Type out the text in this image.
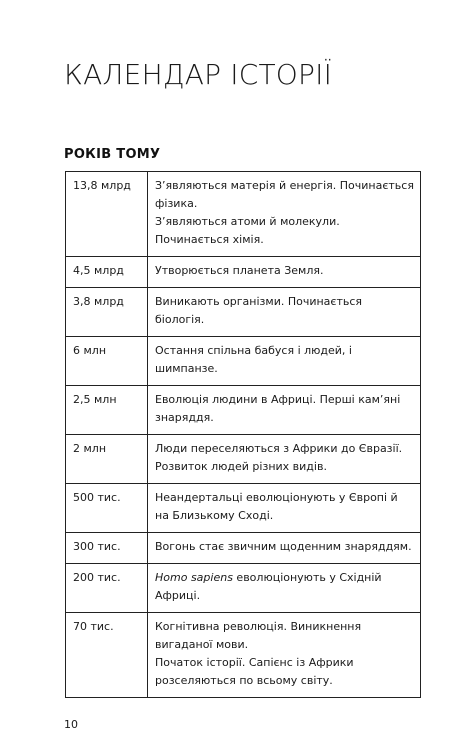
КАЛЕНДАР ІСТОРІЇ
РОКІВ ТОМУ
13,8 млрд	З’являються матерія й енергія. Починається фізика.
З’являються атоми й молекули. Починається хімія.

4,5 млрд	Утворюється планета Земля.

3,8 млрд	Виникають організми. Починається біологія.

6 млн	Остання спільна бабуся і людей, і шимпанзе.

2,5 млн	Еволюція людини в Африці. Перші кам’яні знаряддя.

2 млн	Люди переселяються з Африки до Євразії. Розвиток людей різних видів.

500 тис.	Неандертальці еволюціонують у Європі й на Близькому Сході.

300 тис.	Вогонь стає звичним щоденним знаряддям.

200 тис.	Homo sapiens еволюціонують у Східній Африці.

70 тис.	Когнітивна революція. Виникнення вигаданої мови.
Початок історії. Сапієнс із Африки розселяються по всьому світу.
10
